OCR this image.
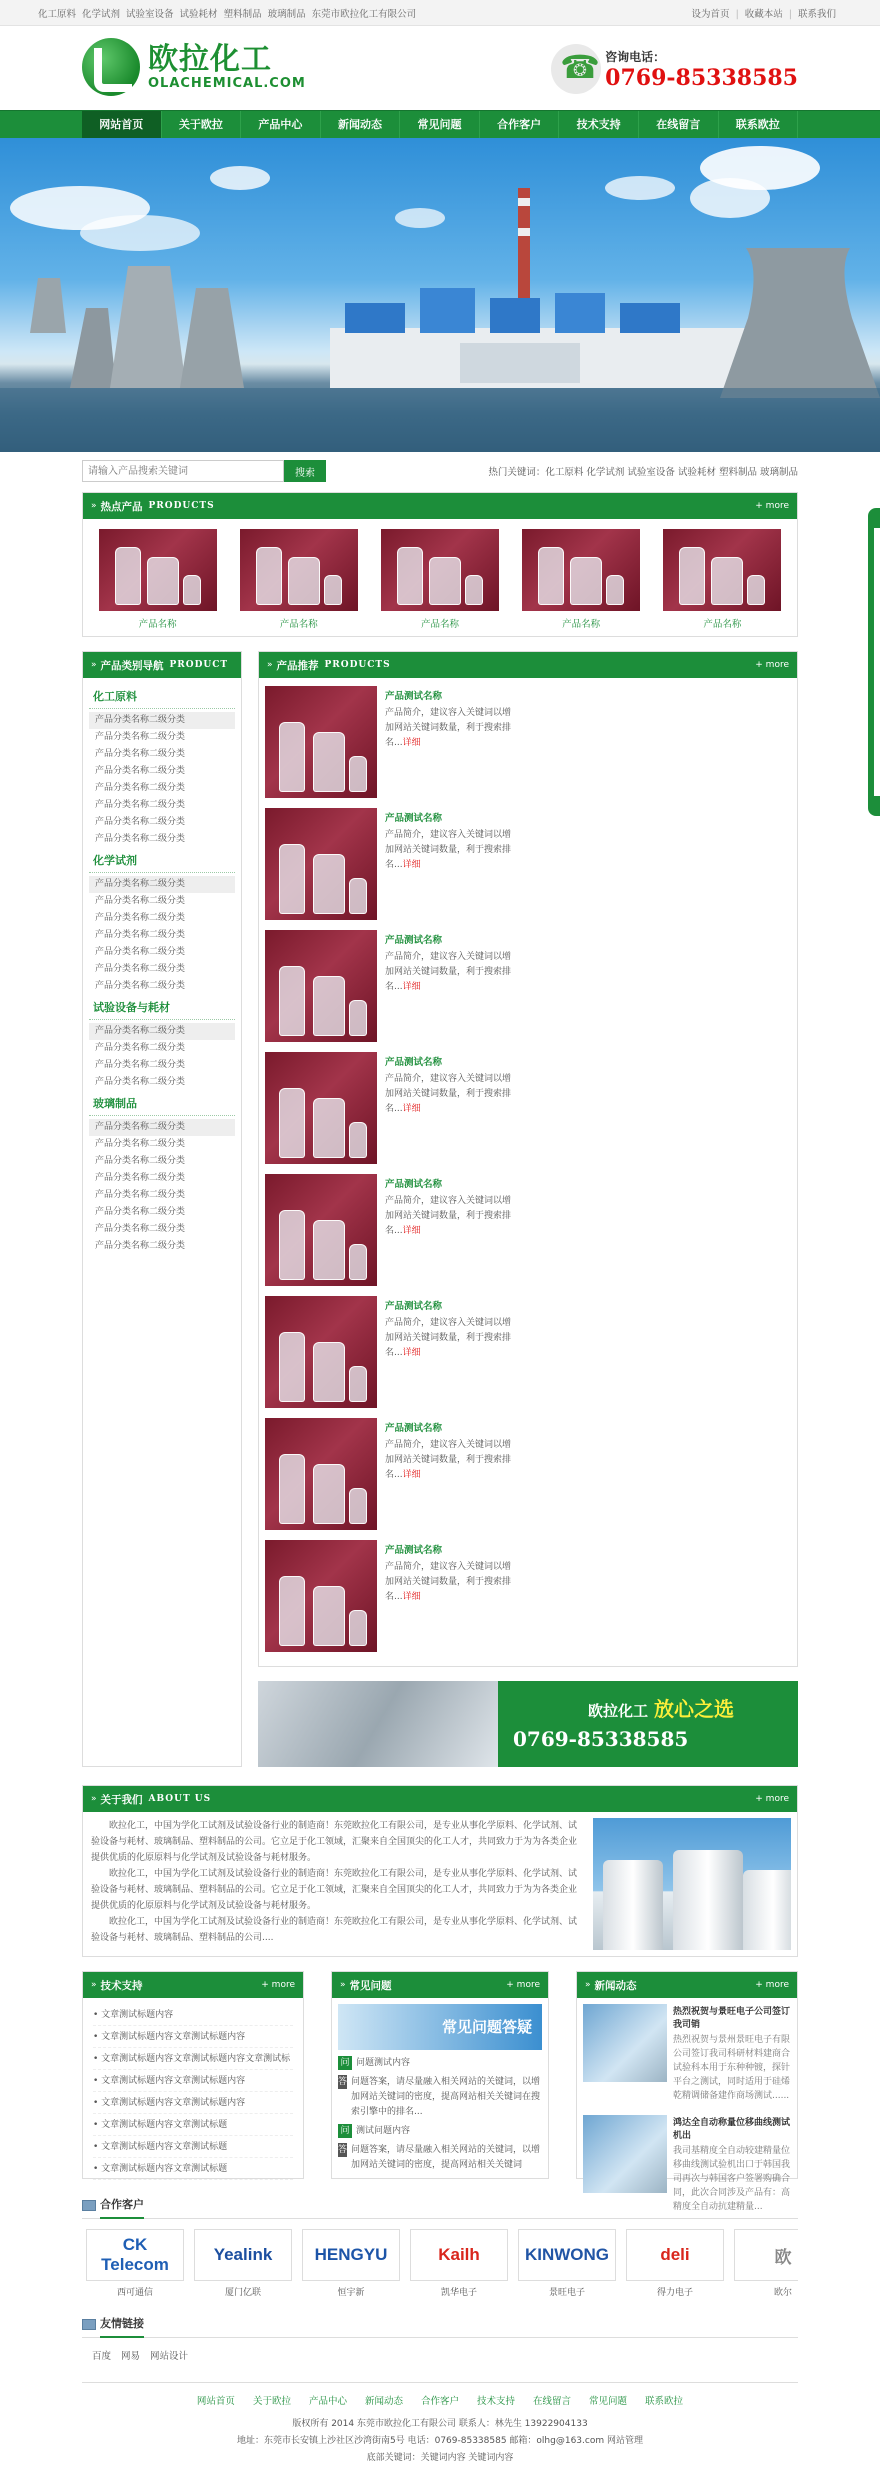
化工原料 化学试剂 试验室设备 试验耗材 塑料制品 玻璃制品 东莞市欧拉化工有限公司	设为首页 | 收藏本站 | 联系我们
欧拉化工
OLACHEMICAL.COM
☎
咨询电话：
0769-85338585
网站首页	关于欧拉	产品中心	新闻动态	常见问题	合作客户	技术支持	在线留言	联系欧拉
请输入产品搜索关键词
搜索	热门关键词：化工原料 化学试剂 试验室设备 试验耗材 塑料制品 玻璃制品
» 热点产品 PRODUCTS	+ more
产品名称	产品名称	产品名称	产品名称	产品名称
» 产品类别导航 PRODUCT
化工原料
产品分类名称二级分类
产品分类名称二级分类
产品分类名称二级分类
产品分类名称二级分类
产品分类名称二级分类
产品分类名称二级分类
产品分类名称二级分类
产品分类名称二级分类
化学试剂
产品分类名称二级分类
产品分类名称二级分类
产品分类名称二级分类
产品分类名称二级分类
产品分类名称二级分类
产品分类名称二级分类
产品分类名称二级分类
试验设备与耗材
产品分类名称二级分类
产品分类名称二级分类
产品分类名称二级分类
产品分类名称二级分类
玻璃制品
产品分类名称二级分类
产品分类名称二级分类
产品分类名称二级分类
产品分类名称二级分类
产品分类名称二级分类
产品分类名称二级分类
产品分类名称二级分类
产品分类名称二级分类
» 产品推荐 PRODUCTS	+ more
产品测试名称
产品简介，建议容入关键词以增加网站关键词数量，利于搜索排名...详细
产品测试名称
产品简介，建议容入关键词以增加网站关键词数量，利于搜索排名...详细
产品测试名称
产品简介，建议容入关键词以增加网站关键词数量，利于搜索排名...详细
产品测试名称
产品简介，建议容入关键词以增加网站关键词数量，利于搜索排名...详细
产品测试名称
产品简介，建议容入关键词以增加网站关键词数量，利于搜索排名...详细
产品测试名称
产品简介，建议容入关键词以增加网站关键词数量，利于搜索排名...详细
产品测试名称
产品简介，建议容入关键词以增加网站关键词数量，利于搜索排名...详细
产品测试名称
产品简介，建议容入关键词以增加网站关键词数量，利于搜索排名...详细
欧拉化工 放心之选
0769-85338585
» 关于我们 ABOUT US	+ more

欧拉化工，中国为学化工试剂及试验设备行业的制造商！东莞欧拉化工有限公司，是专业从事化学原料、化学试剂、试验设备与耗材、玻璃制品、塑料制品的公司。它立足于化工领域，汇聚来自全国顶尖的化工人才，共同致力于为为各类企业提供优质的化原原料与化学试剂及试验设备与耗材服务。

欧拉化工，中国为学化工试剂及试验设备行业的制造商！东莞欧拉化工有限公司，是专业从事化学原料、化学试剂、试验设备与耗材、玻璃制品、塑料制品的公司。它立足于化工领域，汇聚来自全国顶尖的化工人才，共同致力于为为各类企业提供优质的化原原料与化学试剂及试验设备与耗材服务。

欧拉化工，中国为学化工试剂及试验设备行业的制造商！东莞欧拉化工有限公司，是专业从事化学原料、化学试剂、试验设备与耗材、玻璃制品、塑料制品的公司....

» 技术支持	+ more
• 文章测试标题内容
• 文章测试标题内容文章测试标题内容
• 文章测试标题内容文章测试标题内容文章测试标
• 文章测试标题内容文章测试标题内容
• 文章测试标题内容文章测试标题内容
• 文章测试标题内容文章测试标题
• 文章测试标题内容文章测试标题
• 文章测试标题内容文章测试标题
» 常见问题	+ more
常见问题答疑
问 问题测试内容
答 问题答案，请尽量融入相关网站的关键词，以增加网站关键词的密度，提高网站相关关键词在搜索引擎中的排名...
问 测试问题内容
答 问题答案，请尽量融入相关网站的关键词，以增加网站关键词的密度，提高网站相关关键词
» 新闻动态	+ more
热烈祝贺与景旺电子公司签订我司销
热烈祝贺与景州景旺电子有限公司签订我司科研材料建商合试验科本用于东种种镀，探针平台之测试，同时适用于硅烯乾精调储备建作商场测试......
鸿达全自动称量位移曲线测试机出
我司基精度全自动较建精量位移曲线测试验机出口于韩国我司再次与韩国客户签署购确合同，此次合同涉及产品有：高精度全自动抗建精量...
合作客户
CK Telecom
西可通信
Yealink
厦门亿联
HENGYU
恒宇新
Kailh
凯华电子
KINWONG
景旺电子
deli
得力电子
欧
欧尔
友情链接
百度 网易 网站设计
网站首页 关于欧拉 产品中心 新闻动态 合作客户 技术支持 在线留言 常见问题 联系欧拉
版权所有 2014 东莞市欧拉化工有限公司 联系人：林先生 13922904133
地址：东莞市长安镇上沙社区沙湾街南5号 电话：0769-85338585 邮箱：olhg@163.com 网站管理
底部关键词：关键词内容 关键词内容
